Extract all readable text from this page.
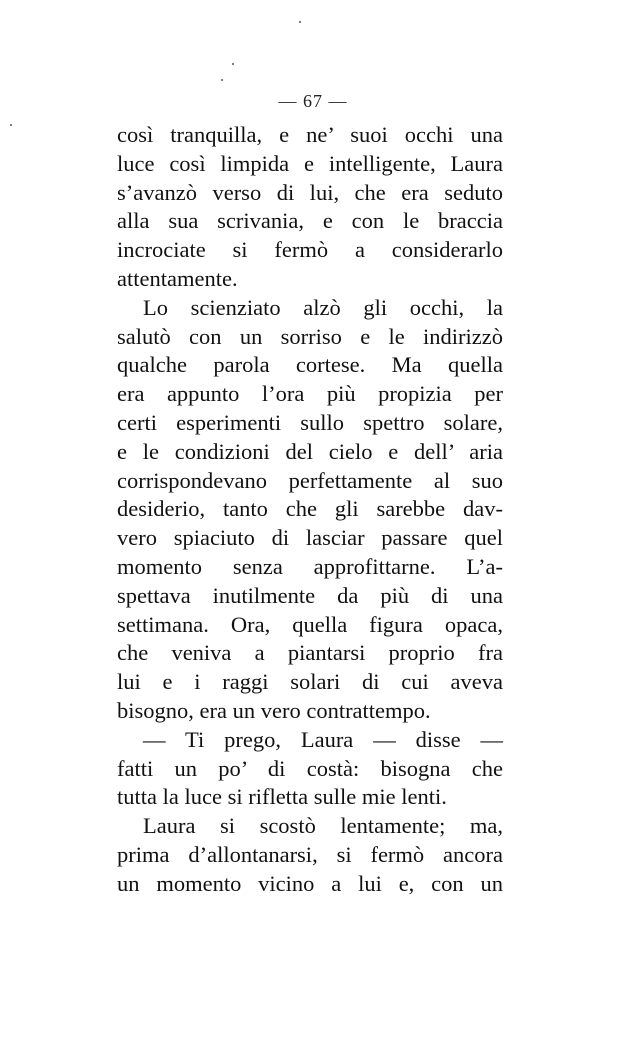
— 67 —
così tranquilla, e ne’ suoi occhi una
luce così limpida e intelligente, Laura
s’avanzò verso di lui, che era seduto
alla sua scrivania, e con le braccia
incrociate si fermò a considerarlo
attentamente.
Lo scienziato alzò gli occhi, la
salutò con un sorriso e le indirizzò
qualche parola cortese. Ma quella
era appunto l’ora più propizia per
certi esperimenti sullo spettro solare,
e le condizioni del cielo e dell’ aria
corrispondevano perfettamente al suo
desiderio, tanto che gli sarebbe dav-
vero spiaciuto di lasciar passare quel
momento senza approfittarne. L’a-
spettava inutilmente da più di una
settimana. Ora, quella figura opaca,
che veniva a piantarsi proprio fra
lui e i raggi solari di cui aveva
bisogno, era un vero contrattempo.
— Ti prego, Laura — disse —
fatti un po’ di costà: bisogna che
tutta la luce si rifletta sulle mie lenti.
Laura si scostò lentamente; ma,
prima d’allontanarsi, si fermò ancora
un momento vicino a lui e, con un
